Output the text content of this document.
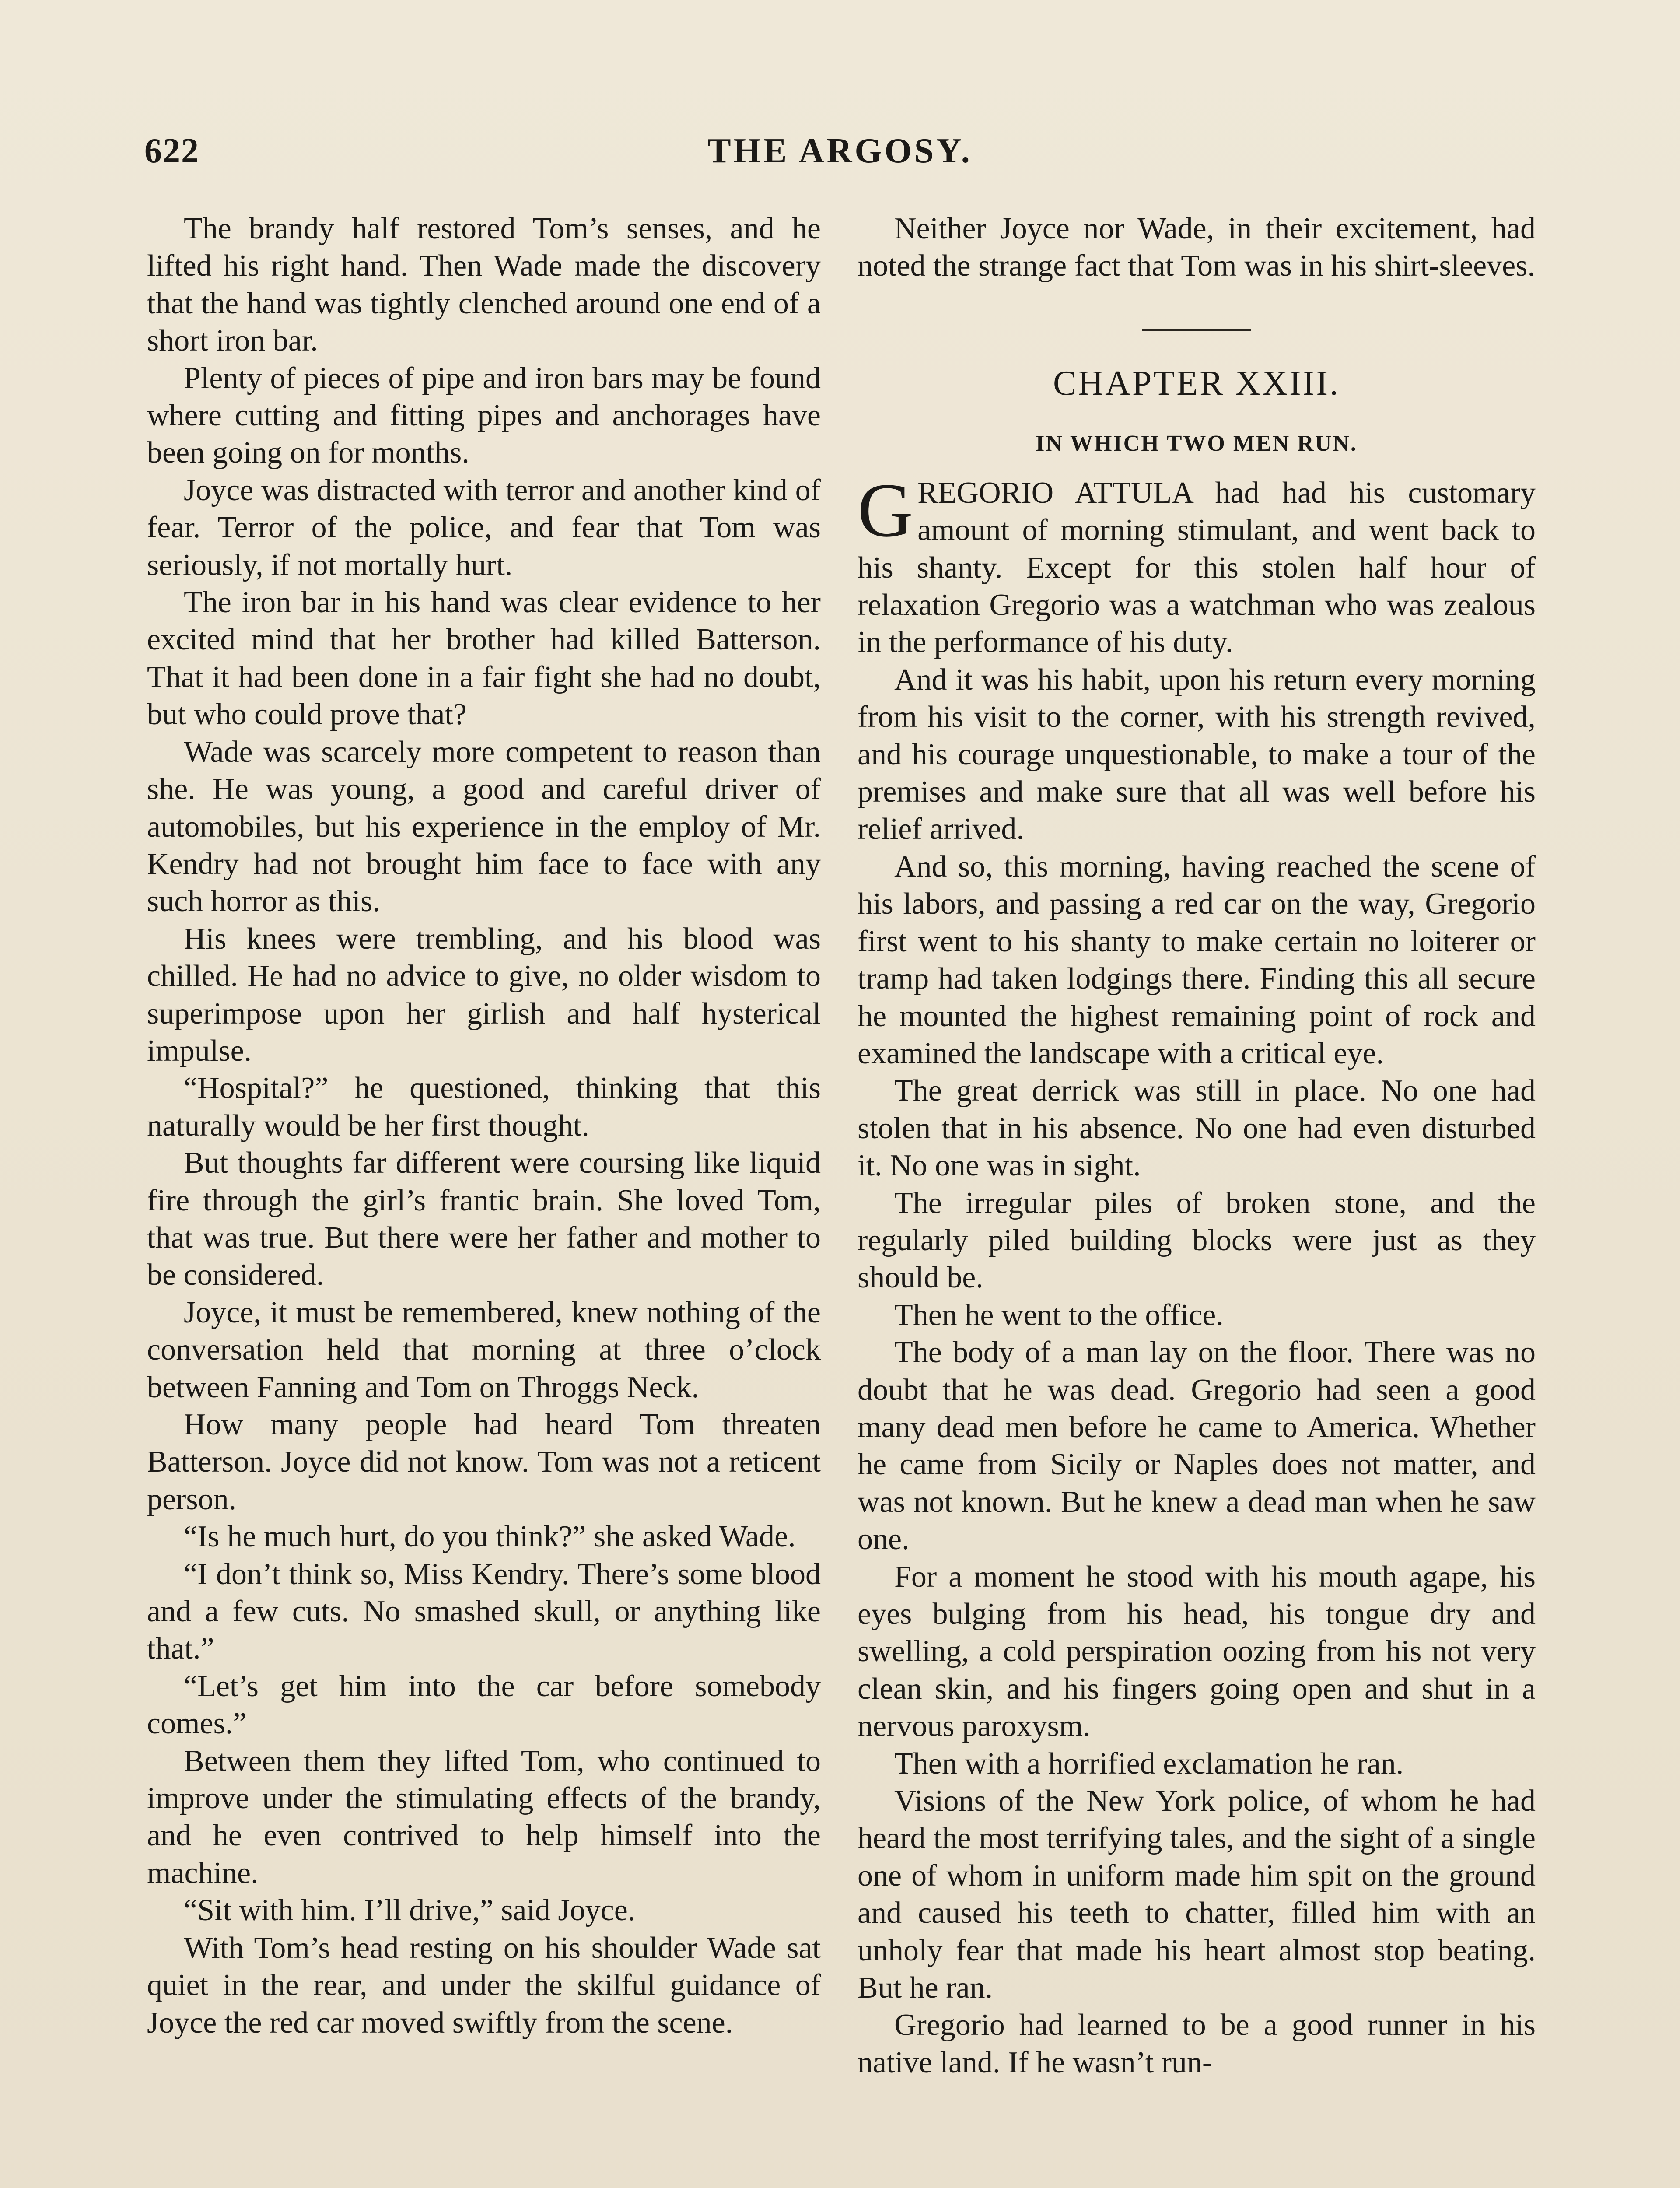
622	THE ARGOSY.

The brandy half restored Tom’s senses, and he lifted his right hand. Then Wade made the discovery that the hand was tightly clenched around one end of a short iron bar.

Plenty of pieces of pipe and iron bars may be found where cutting and fitting pipes and anchorages have been going on for months.

Joyce was distracted with terror and another kind of fear. Terror of the police, and fear that Tom was seriously, if not mortally hurt.

The iron bar in his hand was clear evidence to her excited mind that her brother had killed Batterson. That it had been done in a fair fight she had no doubt, but who could prove that?

Wade was scarcely more competent to reason than she. He was young, a good and careful driver of automobiles, but his experience in the employ of Mr. Kendry had not brought him face to face with any such horror as this.

His knees were trembling, and his blood was chilled. He had no advice to give, no older wisdom to superimpose upon her girlish and half hysterical impulse.

“Hospital?” he questioned, thinking that this naturally would be her first thought.

But thoughts far different were coursing like liquid fire through the girl’s frantic brain. She loved Tom, that was true. But there were her father and mother to be considered.

Joyce, it must be remembered, knew nothing of the conversation held that morning at three o’clock between Fanning and Tom on Throggs Neck.

How many people had heard Tom threaten Batterson. Joyce did not know. Tom was not a reticent person.

“Is he much hurt, do you think?” she asked Wade.

“I don’t think so, Miss Kendry. There’s some blood and a few cuts. No smashed skull, or anything like that.”

“Let’s get him into the car before somebody comes.”

Between them they lifted Tom, who continued to improve under the stimulating effects of the brandy, and he even contrived to help himself into the machine.

“Sit with him. I’ll drive,” said Joyce.

With Tom’s head resting on his shoulder Wade sat quiet in the rear, and under the skilful guidance of Joyce the red car moved swiftly from the scene.

Neither Joyce nor Wade, in their excitement, had noted the strange fact that Tom was in his shirt-sleeves.

CHAPTER XXIII.
IN WHICH TWO MEN RUN.

GREGORIO ATTULA had had his customary amount of morning stimulant, and went back to his shanty. Except for this stolen half hour of relaxation Gregorio was a watchman who was zealous in the performance of his duty.

And it was his habit, upon his return every morning from his visit to the corner, with his strength revived, and his courage unquestionable, to make a tour of the premises and make sure that all was well before his relief arrived.

And so, this morning, having reached the scene of his labors, and passing a red car on the way, Gregorio first went to his shanty to make certain no loiterer or tramp had taken lodgings there. Finding this all secure he mounted the highest remaining point of rock and examined the landscape with a critical eye.

The great derrick was still in place. No one had stolen that in his absence. No one had even disturbed it. No one was in sight.

The irregular piles of broken stone, and the regularly piled building blocks were just as they should be.

Then he went to the office.

The body of a man lay on the floor. There was no doubt that he was dead. Gregorio had seen a good many dead men before he came to America. Whether he came from Sicily or Naples does not matter, and was not known. But he knew a dead man when he saw one.

For a moment he stood with his mouth agape, his eyes bulging from his head, his tongue dry and swelling, a cold perspiration oozing from his not very clean skin, and his fingers going open and shut in a nervous paroxysm.

Then with a horrified exclamation he ran.

Visions of the New York police, of whom he had heard the most terrifying tales, and the sight of a single one of whom in uniform made him spit on the ground and caused his teeth to chatter, filled him with an unholy fear that made his heart almost stop beating. But he ran.

Gregorio had learned to be a good runner in his native land. If he wasn’t run-
